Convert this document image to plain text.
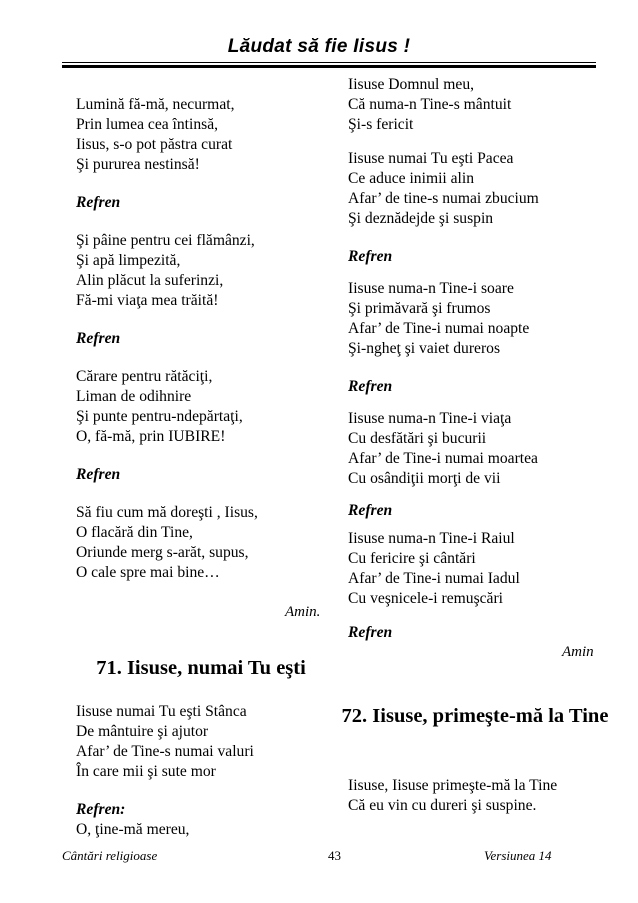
Lăudat să fie Iisus !

Lumină fă-mă, necurmat,

Prin lumea cea întinsă,

Iisus, s-o pot păstra curat

Şi pururea nestinsă!

Refren

Şi pâine pentru cei flămânzi,

Şi apă limpezită,

Alin plăcut la suferinzi,

Fă-mi viaţa mea trăită!

Refren

Cărare pentru rătăciţi,

Liman de odihnire

Şi punte pentru-ndepărtaţi,

O, fă-mă, prin IUBIRE!

Refren

Să fiu cum mă doreşti , Iisus,

O flacără din Tine,

Oriunde merg s-arăt, supus,

O cale spre mai bine…

Amin.
71. Iisuse, numai Tu eşti

Iisuse numai Tu eşti Stânca

De mântuire şi ajutor

Afar’ de Tine-s numai valuri

În care mii şi sute mor

Refren:

O, ţine-mă mereu,

Iisuse Domnul meu,

Că numa-n Tine-s mântuit

Şi-s fericit

Iisuse numai Tu eşti Pacea

Ce aduce inimii alin

Afar’ de tine-s numai zbucium

Şi deznădejde şi suspin

Refren

Iisuse numa-n Tine-i soare

Şi primăvară şi frumos

Afar’ de Tine-i numai noapte

Şi-ngheţ şi vaiet dureros

Refren

Iisuse numa-n Tine-i viaţa

Cu desfătări şi bucurii

Afar’ de Tine-i numai moartea

Cu osândiţii morţi de vii

Refren

Iisuse numa-n Tine-i Raiul

Cu fericire şi cântări

Afar’ de Tine-i numai Iadul

Cu veşnicele-i remuşcări

Refren
Amin
72. Iisuse, primeşte-mă la Tine

Iisuse, Iisuse primeşte-mă la Tine

Că eu vin cu dureri şi suspine.

Cântări religioase	43	Versiunea 14
